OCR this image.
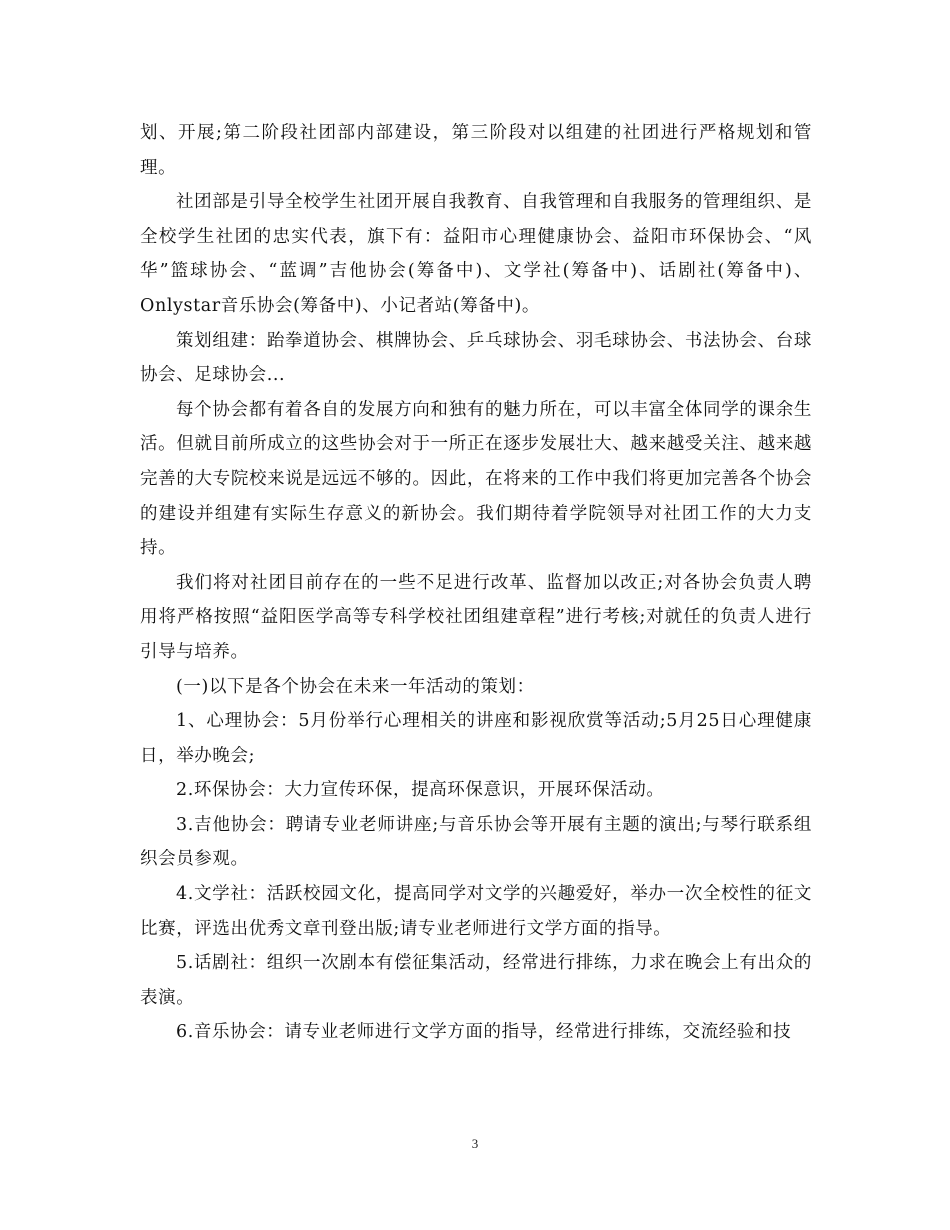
划、开展;第二阶段社团部内部建设，第三阶段对以组建的社团进行严格规划和管理。

社团部是引导全校学生社团开展自我教育、自我管理和自我服务的管理组织、是全校学生社团的忠实代表，旗下有：益阳市心理健康协会、益阳市环保协会、“风华”篮球协会、“蓝调”吉他协会(筹备中)、文学社(筹备中)、话剧社(筹备中)、Onlystar音乐协会(筹备中)、小记者站(筹备中)。

策划组建：跆拳道协会、棋牌协会、乒乓球协会、羽毛球协会、书法协会、台球协会、足球协会...

每个协会都有着各自的发展方向和独有的魅力所在，可以丰富全体同学的课余生活。但就目前所成立的这些协会对于一所正在逐步发展壮大、越来越受关注、越来越完善的大专院校来说是远远不够的。因此，在将来的工作中我们将更加完善各个协会的建设并组建有实际生存意义的新协会。我们期待着学院领导对社团工作的大力支持。

我们将对社团目前存在的一些不足进行改革、监督加以改正;对各协会负责人聘用将严格按照“益阳医学高等专科学校社团组建章程”进行考核;对就任的负责人进行引导与培养。

(一)以下是各个协会在未来一年活动的策划：

1、心理协会：5月份举行心理相关的讲座和影视欣赏等活动;5月25日心理健康日，举办晚会;

2.环保协会：大力宣传环保，提高环保意识，开展环保活动。

3.吉他协会：聘请专业老师讲座;与音乐协会等开展有主题的演出;与琴行联系组织会员参观。

4.文学社：活跃校园文化，提高同学对文学的兴趣爱好，举办一次全校性的征文比赛，评选出优秀文章刊登出版;请专业老师进行文学方面的指导。

5.话剧社：组织一次剧本有偿征集活动，经常进行排练，力求在晚会上有出众的表演。

6.音乐协会：请专业老师进行文学方面的指导，经常进行排练，交流经验和技

3
